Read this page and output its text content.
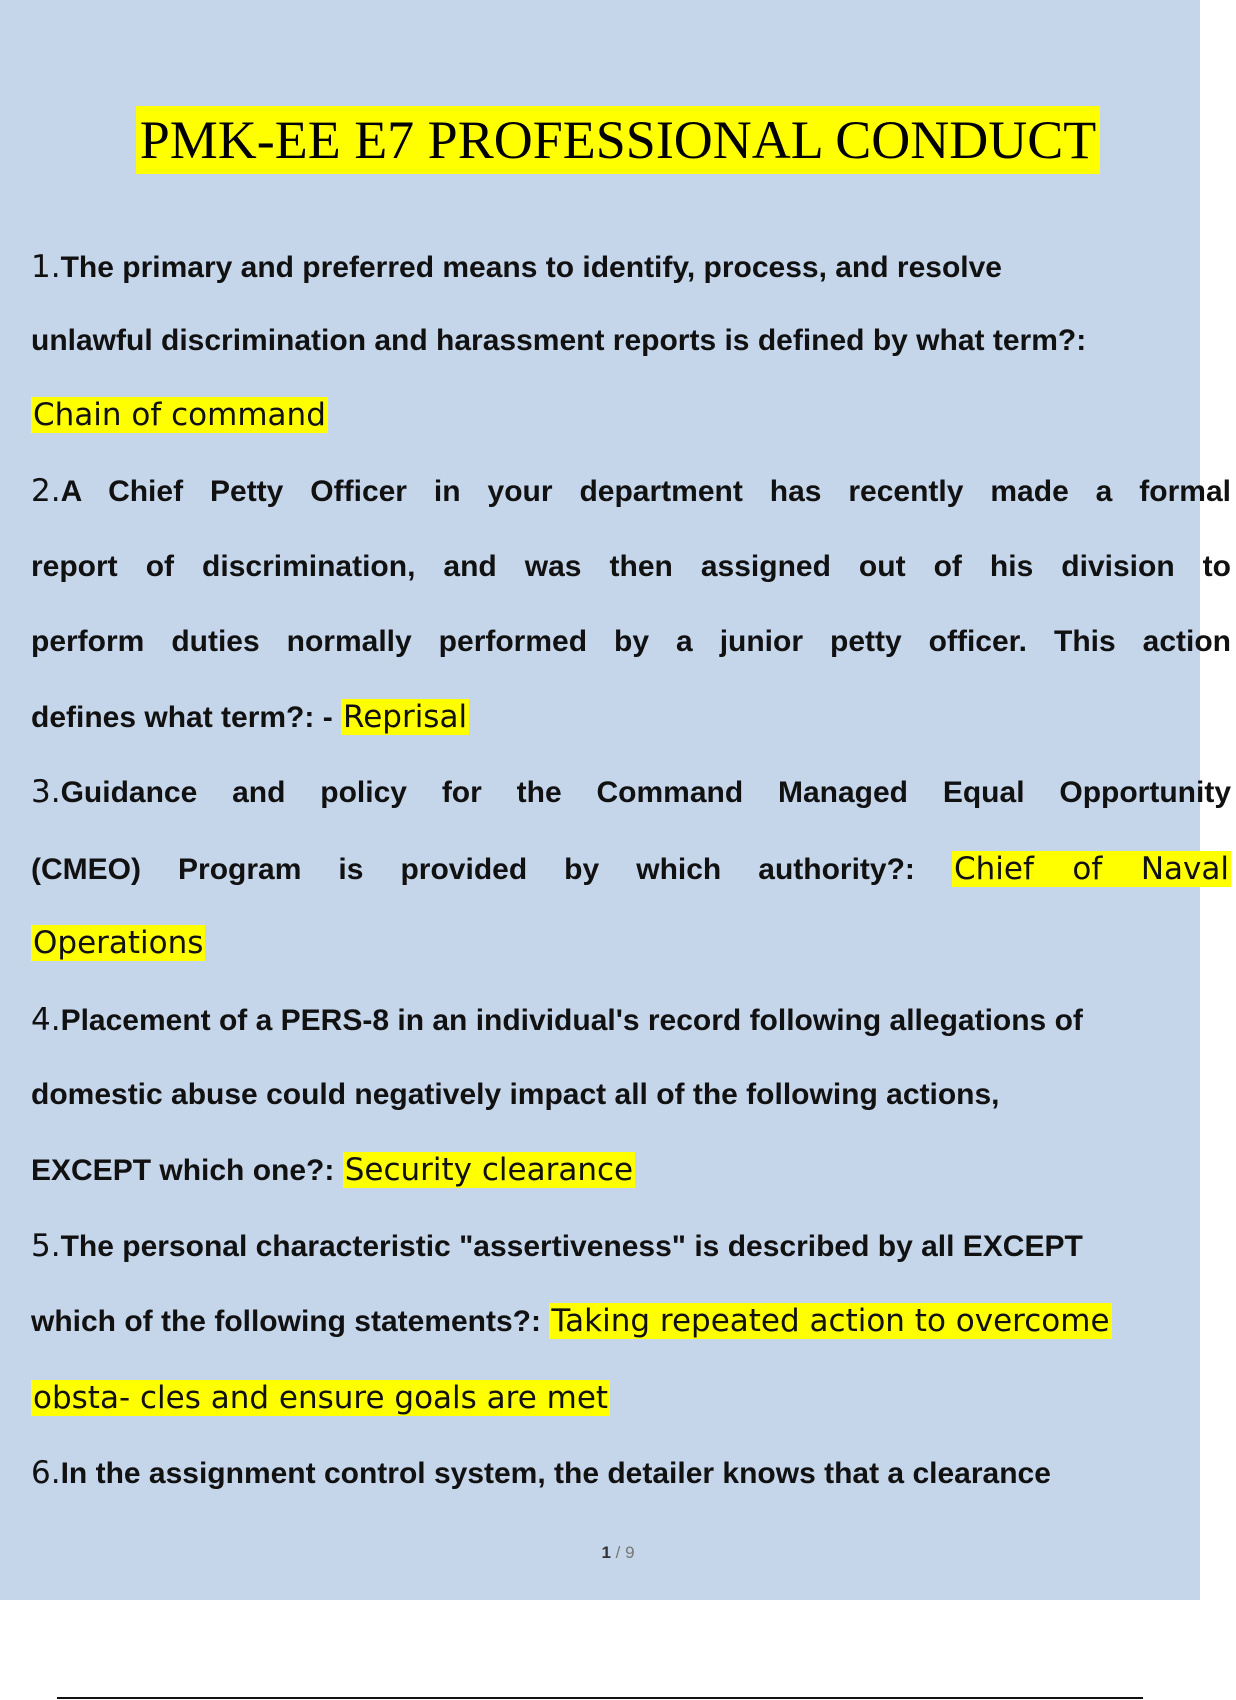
PMK-EE E7 PROFESSIONAL CONDUCT
1.The primary and preferred means to identify, process, and resolve
unlawful discrimination and harassment reports is defined by what term?:
Chain of command
2.A Chief Petty Officer in your department has recently made a formal
report of discrimination, and was then assigned out of his division to
perform duties normally performed by a junior petty officer. This action
defines what term?: - Reprisal
3.Guidance and policy for the Command Managed Equal Opportunity
(CMEO) Program is provided by which authority?: Chief of Naval
Operations
4.Placement of a PERS-8 in an individual's record following allegations of
domestic abuse could negatively impact all of the following actions,
EXCEPT which one?: Security clearance
5.The personal characteristic "assertiveness" is described by all EXCEPT
which of the following statements?: Taking repeated action to overcome
obsta- cles and ensure goals are met
6.In the assignment control system, the detailer knows that a clearance
1 / 9
